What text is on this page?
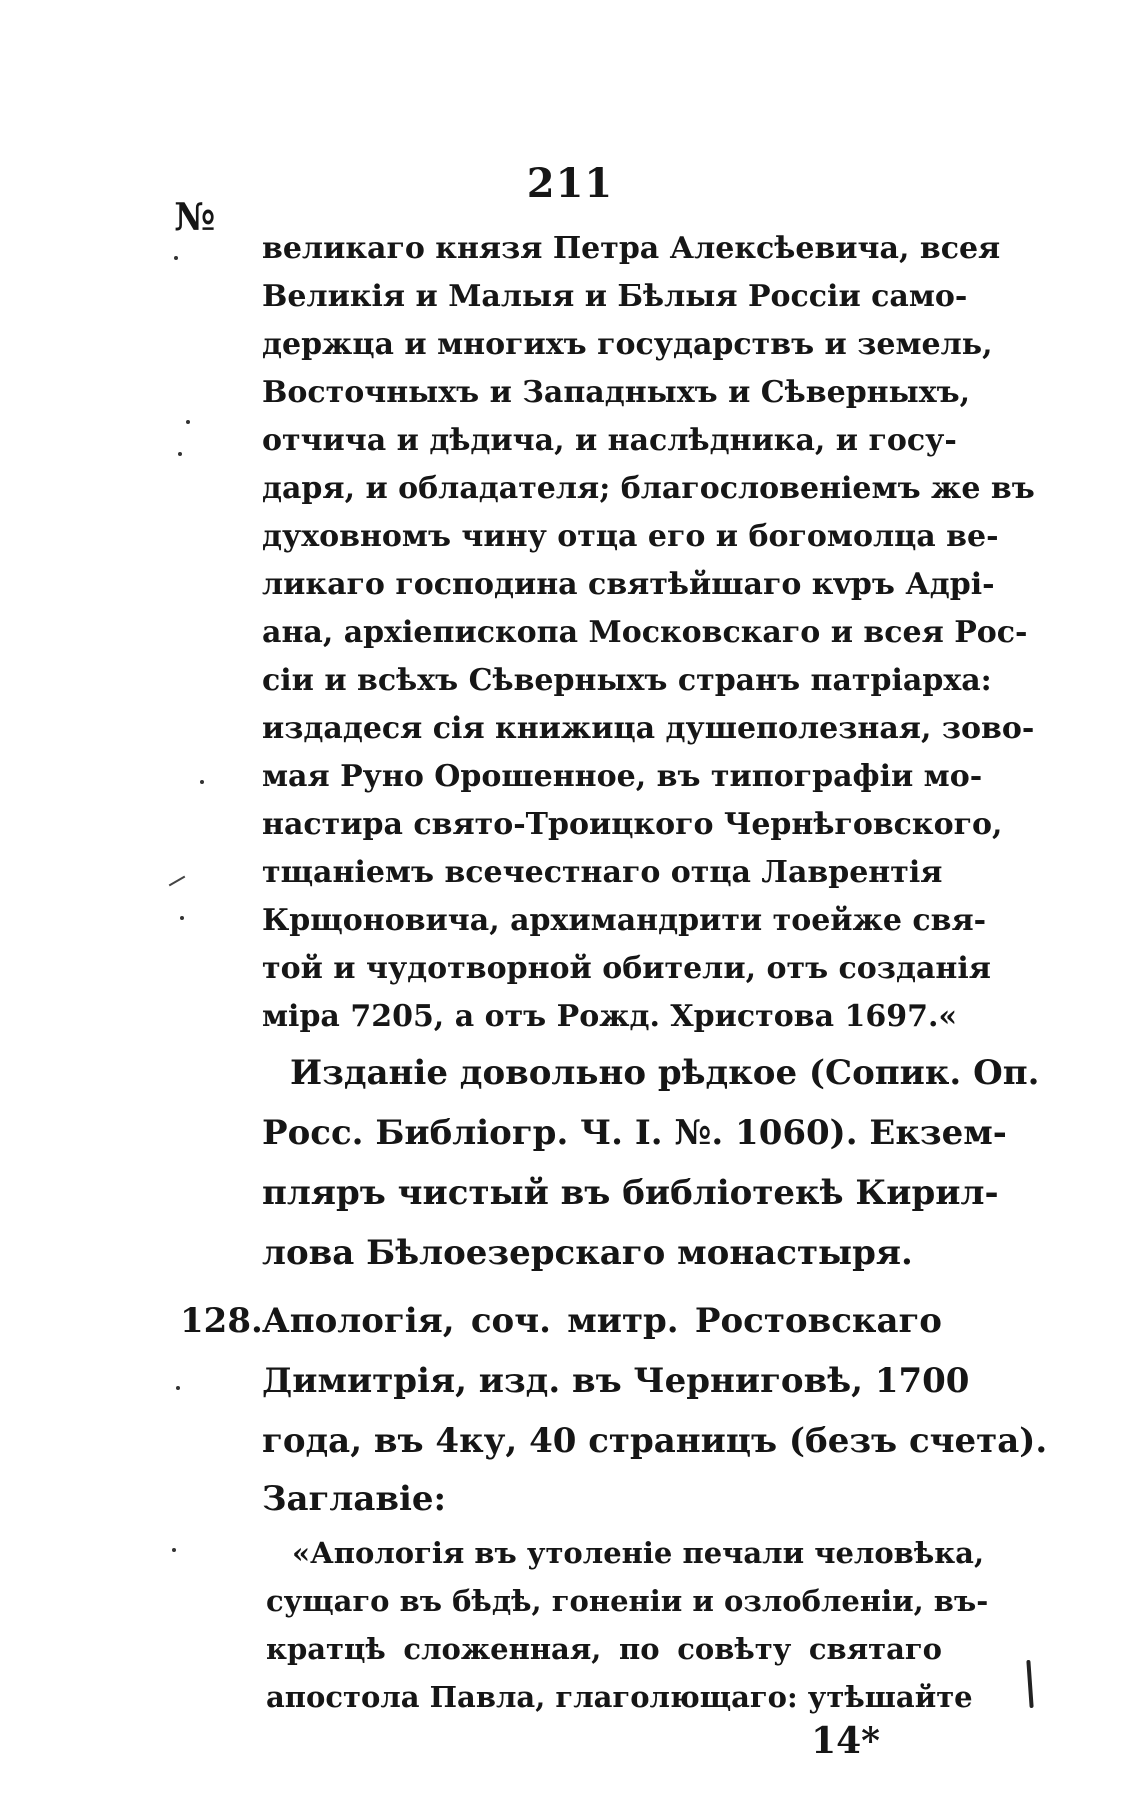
211
№
великаго князя Петра Алексѣевича, всея
Великія и Малыя и Бѣлыя Россіи само-
держца и многихъ государствъ и земель,
Восточныхъ и Западныхъ и Сѣверныхъ,
отчича и дѣдича, и наслѣдника, и госу-
даря, и обладателя; благословеніемъ же въ
духовномъ чину отца его и богомолца ве-
ликаго господина святѣйшаго кvръ Адрі-
ана, архіепископа Московскаго и всея Рос-
сіи и всѣхъ Сѣверныхъ странъ патріарха:
издадеся сія книжица душеполезная, зово-
мая Руно Орошенное, въ типографіи мо-
настира свято-Троицкого Чернѣговского,
тщаніемъ всечестнаго отца Лаврентія
Крщоновича, архимандрити тоейже свя-
той и чудотворной обители, отъ созданія
міра 7205, а отъ Рожд. Христова 1697.«
Изданіе довольно рѣдкое (Сопик. Оп.
Росс. Библіогр. Ч. I. №. 1060). Екзем-
пляръ чистый въ библіотекѣ Кирил-
лова Бѣлоезерскаго монастыря.
128. Апологія, соч. митр. Ростовскаго
Димитрія, изд. въ Черниговѣ, 1700
года, въ 4ку, 40 страницъ (безъ счета).
Заглавіе:
«Апологія въ утоленіе печали человѣка,
сущаго въ бѣдѣ, гоненіи и озлобленіи, въ-
кратцѣ сложенная, по совѣту святаго
апостола Павла, глаголющаго: утѣшайте
14*
